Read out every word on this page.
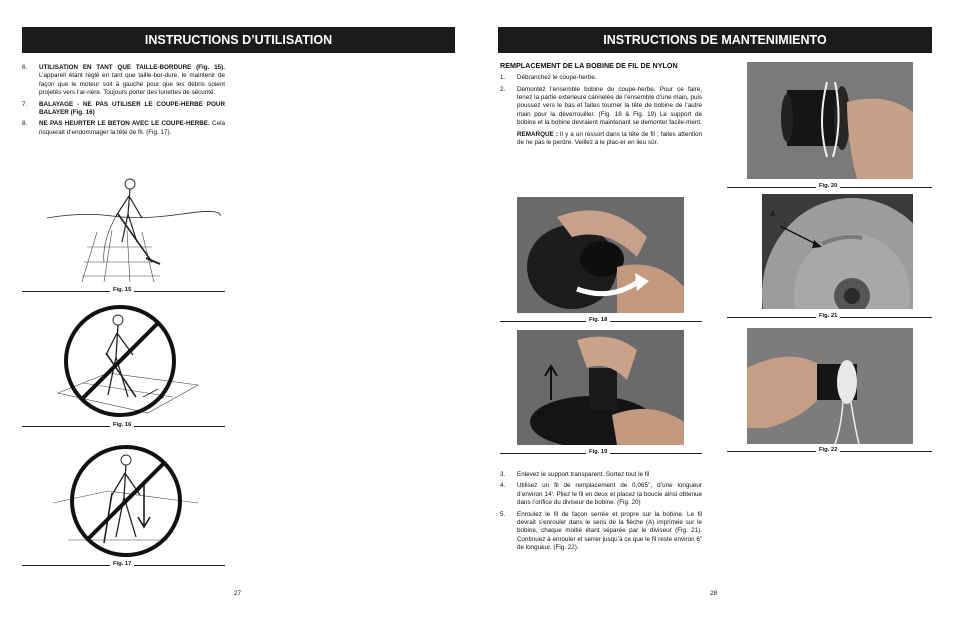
INSTRUCTIONS D’UTILISATION
6.	UTILISATION EN TANT QUE TAILLE-BORDURE (Fig. 15). L’appareil étant réglé en tant que taille-bor-dure, le maintenir de façon que le moteur soit à gauche pour que les débris soient projetés vers l’ar-rière. Toujours porter des lunettes de sécurité.
7.	BALAYAGE - NE PAS UTILISER LE COUPE-HERBE POUR BALAYER (Fig. 16)
8.	NE PAS HEURTER LE BETON AVEC LE COUPE-HERBE. Cela risquerait d’endommager la tête de fil. (Fig. 17).
Fig. 15
Fig. 16
Fig. 17
27
INSTRUCTIONS DE MANTENIMIENTO
REMPLACEMENT DE LA BOBINE DE FIL DE NYLON
1.	Débranchez le coupe-herbe.
2.	Demontez l’ensemble bobine du coupe-herbe. Pour ce faire, tenez la partie exterieure cannelée de l’ensemble d’une main, puis poussez vers le bas et faites tourner la tête de bobine de l’autre main pour la déverrouiller. (Fig. 18 & Fig. 19) Le support de bobine et la bobine devraient maintenant se demonter facile-ment.
REMARQUE : Il y a un ressort dans la tête de fil ; faites attention de ne pas le perdre. Veillez à le plac-er en lieu sûr.
Fig. 18
Fig. 19
Fig. 20
A
Fig. 21
Fig. 22
3.	Enlevez le support transparent. Sortez tout le fil
4.	Utilisez un fil de remplacement de 0,065’’, d’une longueur d’environ 14’. Pliez le fil en deux et placez la boucle ainsi obtenue dans l’orifice du diviseur de bobine. (Fig. 20)
5.	Enroulez le fil de façon serrée et propre sur la bobine. Le fil devrait s’enrouler dans le sens de la flèche (A) imprimée sur le bobine, chaque moitié étant séparée par le diviseur (Fig. 21). Continuez à enrouler et serrer jusqu’à ce que le fil reste environ 6” de longueur. (Fig. 22).
28
